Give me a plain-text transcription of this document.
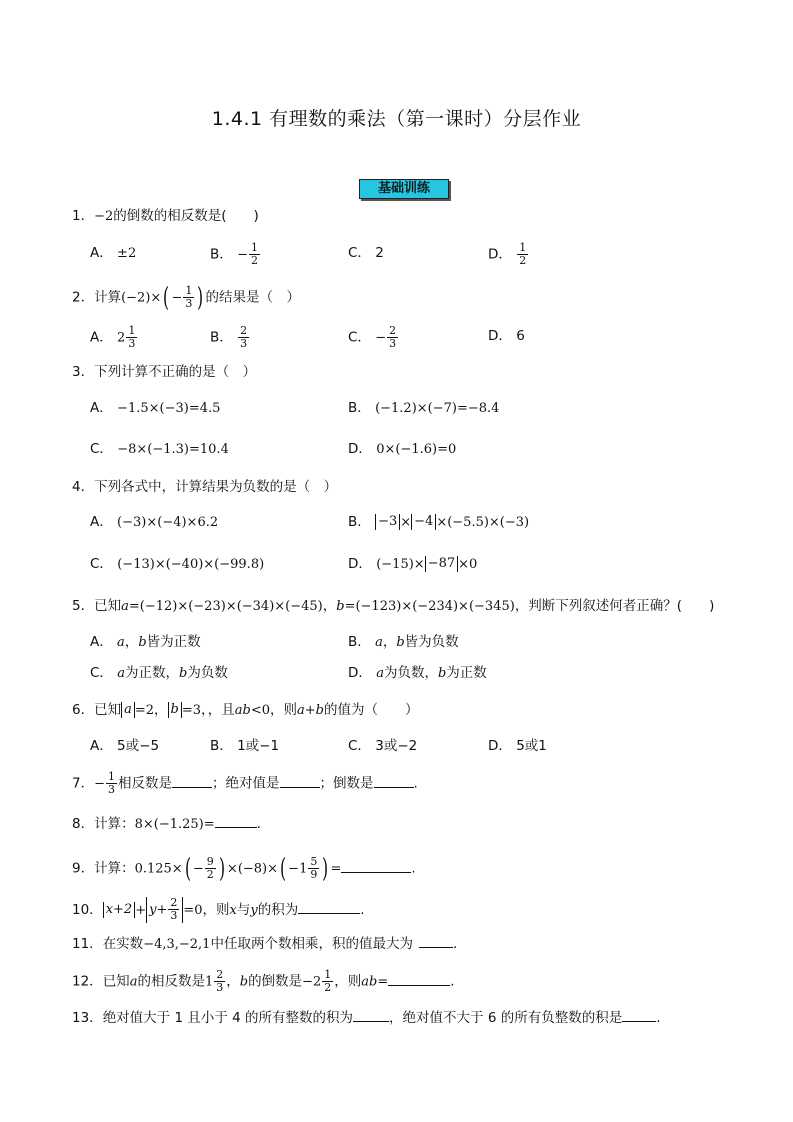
1.4.1 有理数的乘法（第一课时）分层作业
基础训练
1．−2的倒数的相反数是(　　)
A． ±2	B． − $\frac{1}{2}$	C． 2	D． $\frac{1}{2}$
2．计算$(-2)\times( - \frac{1}{3}$ ) 的结果是（　）
A． $2 \frac{1}{3}$	B． $\frac{2}{3}$	C． − $\frac{2}{3}$	D． 6
3．下列计算不正确的是（　）
A． −1.5×(−3)=4.5	B． (−1.2)×(−7)=−8.4
C． −8×(−1.3)=10.4	D． 0×(−1.6)=0
4．下列各式中，计算结果为负数的是（　）
A． (−3)×(−4)×6.2	B． −3 × −4 ×(−5.5)×(−3)
C． (−13)×(−40)×(−99.8)	D． (−15)× −87 ×0
5．已知a=(−12)×(−23)×(−34)×(−45)，b=(−123)×(−234)×(−345)，判断下列叙述何者正确？(　　)
A． a，b皆为正数	B． a，b皆为负数
C． a为正数，b为负数	D． a为负数，b为正数
6．已知 a =2， b =3，，且ab<0，则a+b的值为（　　）
A． 5或−5	B． 1或−1	C． 3或−2	D． 5或1
7．− $\frac{1}{3}$ 相反数是	；绝对值是	；倒数是	.
8．计算：8×(−1.25)=	.
9．计算：$0.125\times( - \frac{9}{2}$ ) $\times(-8)\times( -1 \frac{5}{9}$ ) =	.
10． $x+2 + y+ \frac{2}{3} =0$，则x与y的积为	.
11．在实数−4,3,−2,1中任取两个数相乘，积的值最大为	.
12．已知a的相反数是$1 \frac{2}{3}$ ，b的倒数是$-2 \frac{1}{2}$ ，则ab=	.
13．绝对值大于 1 且小于 4 的所有整数的积为	，绝对值不大于 6 的所有负整数的积是	.
